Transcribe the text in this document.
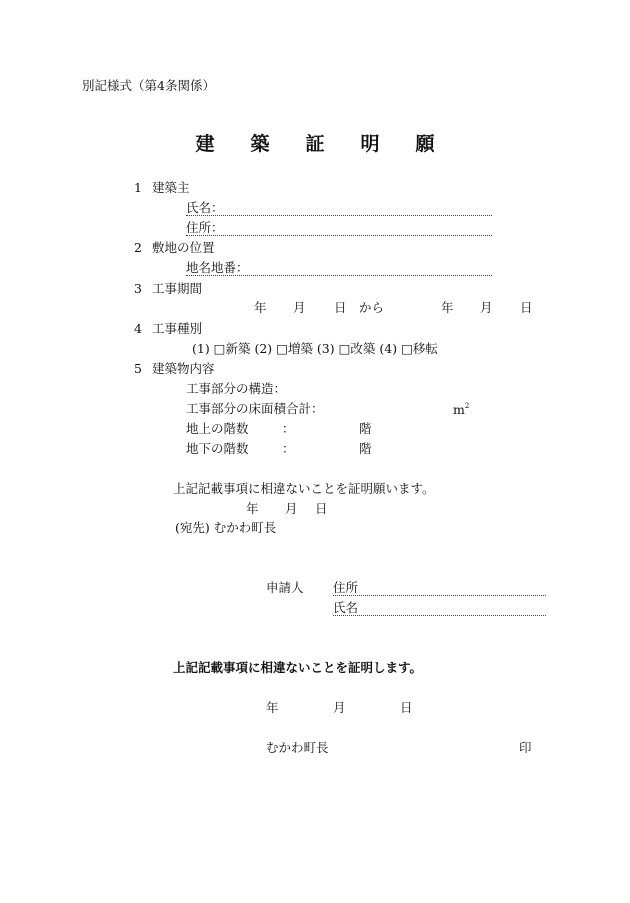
別記様式（第4条関係）
建 築 証 明 願
1 建築主
氏名：
住所：
2 敷地の位置
地名地番：
3 工事期間
年 月 日 から	年 月 日
4 工事種別
(1) □新築 (2) □増築 (3) □改築 (4) □移転
5 建築物内容
工事部分の構造：
工事部分の床面積合計：	$m^2$
地上の階数	：	階
地下の階数	：	階
上記記載事項に相違ないことを証明願います。
年 月 日
(宛先) むかわ町長
申請人 住所
氏名
上記記載事項に相違ないことを証明します。
年	月	日
むかわ町長	印
